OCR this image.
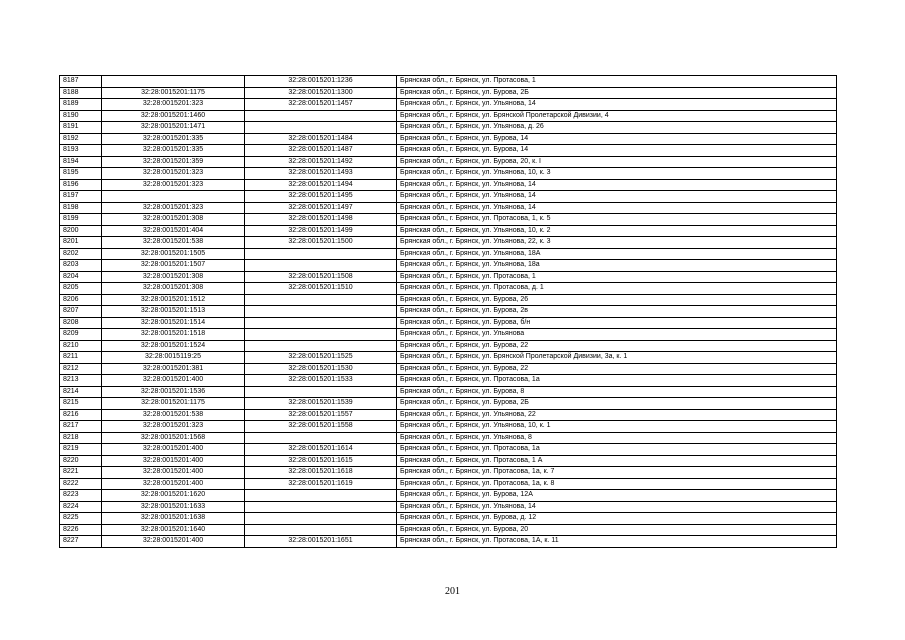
8187		32:28:0015201:1236	Брянская обл., г. Брянск, ул. Протасова, 1
8188	32:28:0015201:1175	32:28:0015201:1300	Брянская обл., г. Брянск, ул. Бурова, 2Б
8189	32:28:0015201:323	32:28:0015201:1457	Брянская обл., г. Брянск, ул. Ульянова, 14
8190	32:28:0015201:1460		Брянская обл., г. Брянск, ул. Брянской Пролетарской Дивизии, 4
8191	32:28:0015201:1471		Брянская обл., г. Брянск, ул. Ульянова, д. 26
8192	32:28:0015201:335	32:28:0015201:1484	Брянская обл., г. Брянск, ул. Бурова, 14
8193	32:28:0015201:335	32:28:0015201:1487	Брянская обл., г. Брянск, ул. Бурова, 14
8194	32:28:0015201:359	32:28:0015201:1492	Брянская обл., г. Брянск, ул. Бурова, 20, к. I
8195	32:28:0015201:323	32:28:0015201:1493	Брянская обл., г. Брянск, ул. Ульянова, 10, к. 3
8196	32:28:0015201:323	32:28:0015201:1494	Брянская обл., г. Брянск, ул. Ульянова, 14
8197		32:28:0015201:1495	Брянская обл., г. Брянск, ул. Ульянова, 14
8198	32:28:0015201:323	32:28:0015201:1497	Брянская обл., г. Брянск, ул. Ульянова, 14
8199	32:28:0015201:308	32:28:0015201:1498	Брянская обл., г. Брянск, ул. Протасова, 1, к. 5
8200	32:28:0015201:404	32:28:0015201:1499	Брянская обл., г. Брянск, ул. Ульянова, 10, к. 2
8201	32:28:0015201:538	32:28:0015201:1500	Брянская обл., г. Брянск, ул. Ульянова, 22, к. 3
8202	32:28:0015201:1505		Брянская обл., г. Брянск, ул. Ульянова, 18А
8203	32:28:0015201:1507		Брянская обл., г. Брянск, ул. Ульянова, 18а
8204	32:28:0015201:308	32:28:0015201:1508	Брянская обл., г. Брянск, ул. Протасова, 1
8205	32:28:0015201:308	32:28:0015201:1510	Брянская обл., г. Брянск, ул. Протасова, д. 1
8206	32:28:0015201:1512		Брянская обл., г. Брянск, ул. Бурова, 26
8207	32:28:0015201:1513		Брянская обл., г. Брянск, ул. Бурова, 2в
8208	32:28:0015201:1514		Брянская обл., г. Брянск, ул. Бурова, б/н
8209	32:28:0015201:1518		Брянская обл., г. Брянск, ул. Ульянова
8210	32:28:0015201:1524		Брянская обл., г. Брянск, ул. Бурова, 22
8211	32:28:0015119:25	32:28:0015201:1525	Брянская обл., г. Брянск, ул. Брянской Пролетарской Дивизии, 3а, к. 1
8212	32:28:0015201:381	32:28:0015201:1530	Брянская обл., г. Брянск, ул. Бурова, 22
8213	32:28:0015201:400	32:28:0015201:1533	Брянская обл., г. Брянск, ул. Протасова, 1а
8214	32:28:0015201:1536		Брянская обл., г. Брянск, ул. Бурова, 8
8215	32:28:0015201:1175	32:28:0015201:1539	Брянская обл., г. Брянск, ул. Бурова, 2Б
8216	32:28:0015201:538	32:28:0015201:1557	Брянская обл., г. Брянск, ул. Ульянова, 22
8217	32:28:0015201:323	32:28:0015201:1558	Брянская обл., г. Брянск, ул. Ульянова, 10, к. 1
8218	32:28:0015201:1568		Брянская обл., г. Брянск, ул. Ульянова, 8
8219	32:28:0015201:400	32:28:0015201:1614	Брянская обл., г. Брянск, ул. Протасова, 1а
8220	32:28:0015201:400	32:28:0015201:1615	Брянская обл., г. Брянск, ул. Протасова, 1 А
8221	32:28:0015201:400	32:28:0015201:1618	Брянская обл., г. Брянск, ул. Протасова, 1а, к. 7
8222	32:28:0015201:400	32:28:0015201:1619	Брянская обл., г. Брянск, ул. Протасова, 1а, к. 8
8223	32:28:0015201:1620		Брянская обл., г. Брянск, ул. Бурова, 12А
8224	32:28:0015201:1633		Брянская обл., г. Брянск, ул. Ульянова, 14
8225	32:28:0015201:1638		Брянская обл., г. Брянск, ул. Бурова, д. 12
8226	32:28:0015201:1640		Брянская обл., г. Брянск, ул. Бурова, 20
8227	32:28:0015201:400	32:28:0015201:1651	Брянская обл., г. Брянск, ул. Протасова, 1А, к. 11
201
